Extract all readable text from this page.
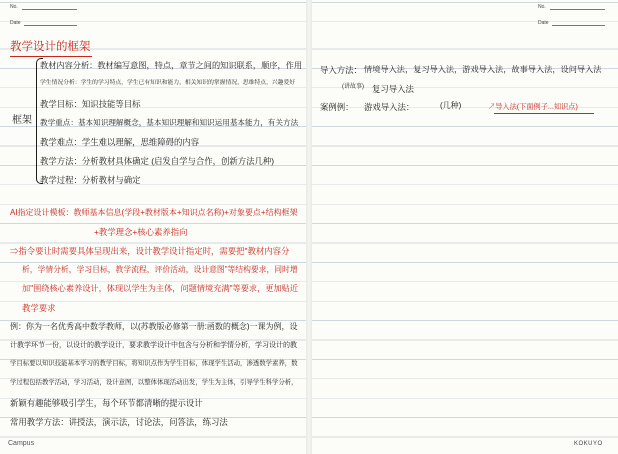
No.
Date
教学设计的框架
框架
教材内容分析：教材编写意图，特点，章节之间的知识联系，顺序，作用
学生情况分析：学生的学习特点，学生已有知识和能力，相关知识的掌握情况，思维特点，兴趣爱好
教学目标：知识技能等目标
教学重点：基本知识理解概念，基本知识理解和知识运用基本能力，有关方法
教学难点：学生难以理解，思维障碍的内容
教学方法：分析教材具体确定 (启发自学与合作，创新方法几种)
教学过程：分析教材与确定
AI指定设计模板：教师基本信息(学段+教材版本+知识点名称)+对象要点+结构框架
+教学理念+核心素养指向
⇒指令要让时需要具体呈现出来，设计教学设计指定时，需要把"教材内容分
析，学情分析，学习目标，教学流程，评价活动，设计意图"等结构要求，同时增
加"围绕核心素养设计，体现以学生为主体，问题情境充满"等要求，更加贴近
教学要求
例：你为一名优秀高中数学教师，以(苏教版必修第一册:函数的概念)一课为例，设
计教学环节一份，以设计的教学设计，要求教学设计中包含与分析和学情分析，学习设计的教
学目标要以知识技能基本学习的教学目标，将知识点作为学生目标，体现学生活动，渗透数学素养，数
学过程包括教学活动，学习活动，设计意图，以整体体现活动出发，学生为主体，引导学生科学分析，
新颖有趣能够吸引学生，每个环节都清晰的提示设计
常用教学方法：讲授法，演示法，讨论法，问答法，练习法
Campus
No.
Date
导入方法： 情境导入法，复习导入法，游戏导入法，故事导入法，设问导入法
(讲故事) 复习导入法
案例例： 游戏导入法：	(几种)	↗导入法(下面例子...知识点)
KOKUYO
